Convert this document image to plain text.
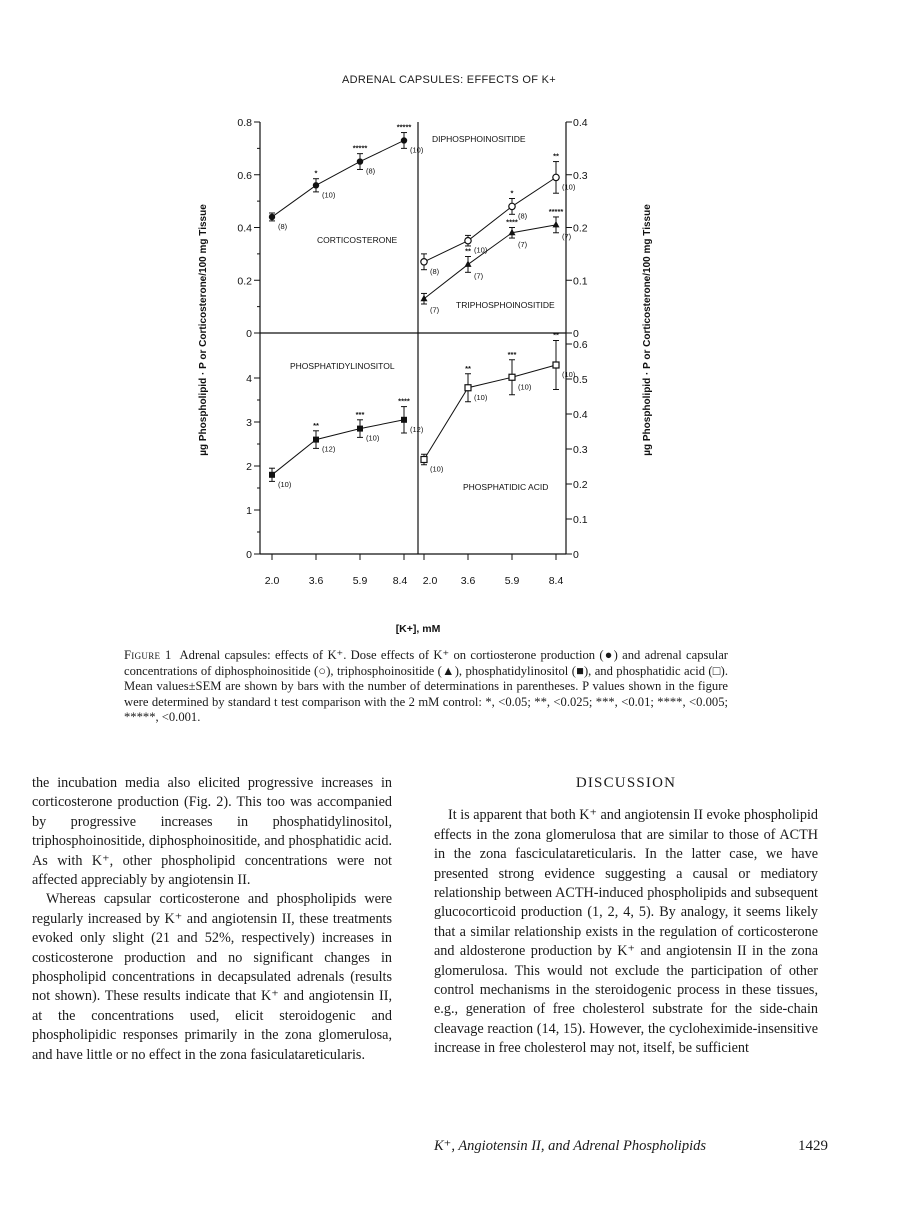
ADRENAL CAPSULES: EFFECTS OF K+
0.8
0.6
0.4
0.2
0
4
3
2
1
0
0.4
0.3
0.2
0.1
0
0.6
0.5
0.4
0.3
0.2
0.1
0
2.0	3.6	5.9 8.4 2.0 3.6	5.9	8.4
(8)
(10)
*	(8)
*****	(10)
*****
(8)
(10)
(8)
*
(10)
**
(7)
(7)
**
(7)
****
(7)
*****
(10)
(12)
**
(10)
***
(12)
****
(10)
(10)
**
(10)
***
(10)
**
DIPHOSPHOINOSITIDE
CORTICOSTERONE
TRIPHOSPHOINOSITIDE
PHOSPHATIDYLINOSITOL
PHOSPHATIDIC ACID
µg Phospholipid · P or Corticosterone/100 mg Tissue	µg Phospholipid · P or Corticosterone/100 mg Tissue
[K+], mM
Figure 1 Adrenal capsules: effects of K⁺. Dose effects of K⁺ on cortiosterone production (●) and adrenal capsular concentrations of diphosphoinositide (○), triphosphoinositide (▲), phosphatidylinositol (■), and phosphatidic acid (□). Mean values±SEM are shown by bars with the number of determinations in parentheses. P values shown in the figure were determined by standard t test comparison with the 2 mM control: *, <0.05; **, <0.025; ***, <0.01; ****, <0.005; *****, <0.001.

the incubation media also elicited progressive increases in corticosterone production (Fig. 2). This too was accompanied by progressive increases in phosphatidylinositol, triphosphoinositide, diphosphoinositide, and phosphatidic acid. As with K⁺, other phospholipid concentrations were not affected appreciably by angiotensin II.

Whereas capsular corticosterone and phospholipids were regularly increased by K⁺ and angiotensin II, these treatments evoked only slight (21 and 52%, respectively) increases in costicosterone production and no significant changes in phospholipid concentrations in decapsulated adrenals (results not shown). These results indicate that K⁺ and angiotensin II, at the concentrations used, elicit steroidogenic and phospholipidic responses primarily in the zona glomerulosa, and have little or no effect in the zona fasiculatareticularis.

DISCUSSION

It is apparent that both K⁺ and angiotensin II evoke phospholipid effects in the zona glomerulosa that are similar to those of ACTH in the zona fasciculatareticularis. In the latter case, we have presented strong evidence suggesting a causal or mediatory relationship between ACTH-induced phospholipids and subsequent glucocorticoid production (1, 2, 4, 5). By analogy, it seems likely that a similar relationship exists in the regulation of corticosterone and aldosterone production by K⁺ and angiotensin II in the zona glomerulosa. This would not exclude the participation of other control mechanisms in the steroidogenic process in these tissues, e.g., generation of free cholesterol substrate for the side-chain cleavage reaction (14, 15). However, the cycloheximide-insensitive increase in free cholesterol may not, itself, be sufficient

K⁺, Angiotensin II, and Adrenal Phospholipids	1429
